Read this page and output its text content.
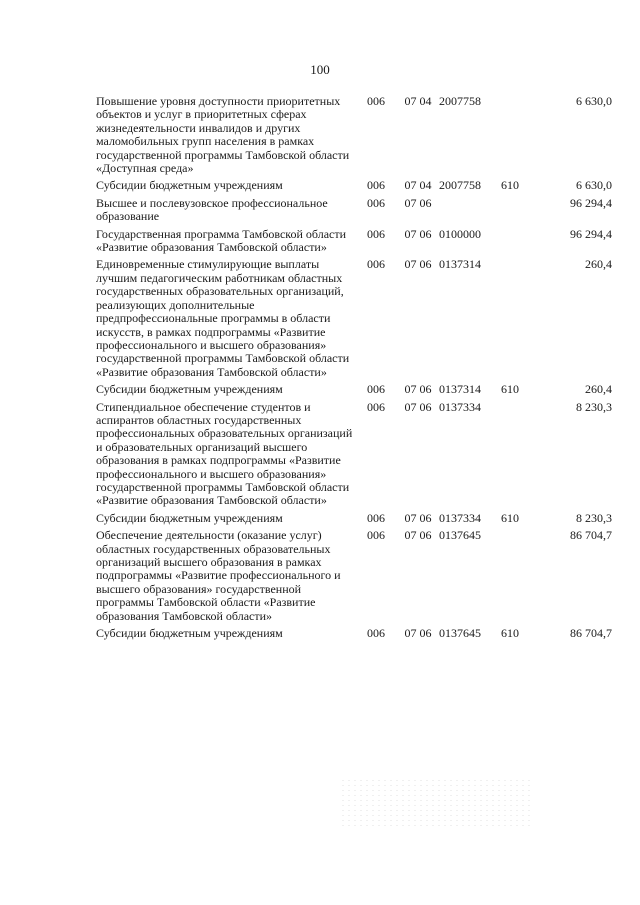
100
Повышение уровня доступности приоритетных объектов и услуг в приоритетных сферах жизнедеятельности инвалидов и других маломобильных групп населения в рамках государственной программы Тамбовской области «Доступная среда»	006	07 04	2007758		6 630,0
Субсидии бюджетным учреждениям	006	07 04	2007758	610	6 630,0
Высшее и послевузовское профессиональное образование	006	07 06			96 294,4
Государственная программа Тамбовской области «Развитие образования Тамбовской области»	006	07 06	0100000		96 294,4
Единовременные стимулирующие выплаты лучшим педагогическим работникам областных государственных образовательных организаций, реализующих дополнительные предпрофессиональные программы в области искусств, в рамках подпрограммы «Развитие профессионального и высшего образования» государственной программы Тамбовской области «Развитие образования Тамбовской области»	006	07 06	0137314		260,4
Субсидии бюджетным учреждениям	006	07 06	0137314	610	260,4
Стипендиальное обеспечение студентов и аспирантов областных государственных профессиональных образовательных организаций и образовательных организаций высшего образования в рамках подпрограммы «Развитие профессионального и высшего образования» государственной программы Тамбовской области «Развитие образования Тамбовской области»	006	07 06	0137334		8 230,3
Субсидии бюджетным учреждениям	006	07 06	0137334	610	8 230,3
Обеспечение деятельности (оказание услуг) областных государственных образовательных организаций высшего образования в рамках подпрограммы «Развитие профессионального и высшего образования» государственной программы Тамбовской области «Развитие образования Тамбовской области»	006	07 06	0137645		86 704,7
Субсидии бюджетным учреждениям	006	07 06	0137645	610	86 704,7
